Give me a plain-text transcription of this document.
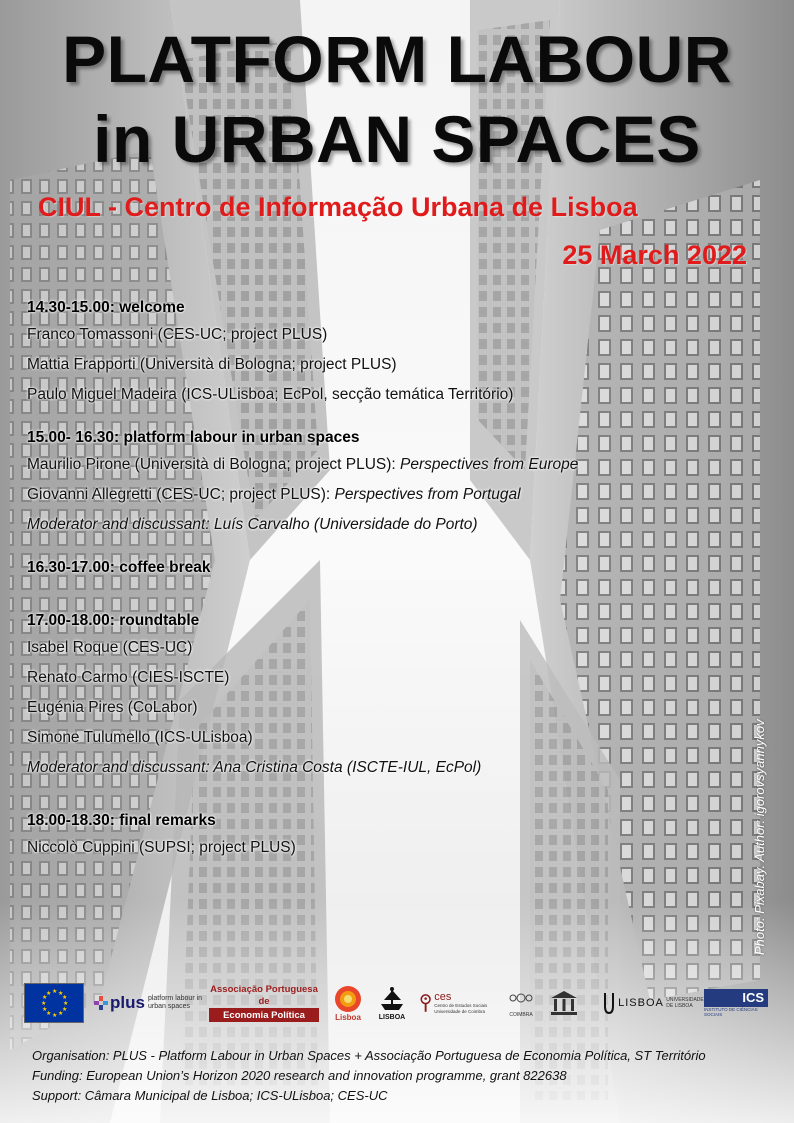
PLATFORM LABOUR
in URBAN SPACES
CIUL - Centro de Informação Urbana de Lisboa
25 March 2022
14.30-15.00: welcome
Franco Tomassoni (CES-UC; project PLUS)
Mattia Frapporti (Università di Bologna; project PLUS)
Paulo Miguel Madeira (ICS-ULisboa; EcPol, secção temática Território)
15.00- 16.30: platform labour in urban spaces
Maurilio Pirone (Università di Bologna; project PLUS): Perspectives from Europe
Giovanni Allegretti (CES-UC; project PLUS): Perspectives from Portugal
Moderator and discussant: Luís Carvalho (Universidade do Porto)
16.30-17.00: coffee break
17.00-18.00: roundtable
Isabel Roque (CES-UC)
Renato Carmo (CIES-ISCTE)
Eugénia Pires (CoLabor)
Simone Tulumello (ICS-ULisboa)
Moderator and discussant: Ana Cristina Costa (ISCTE-IUL, EcPol)
18.00-18.30: final remarks
Niccolò Cuppini (SUPSI; project PLUS)	Photo: Pixabay. Author: igorovsyannykov
★ ★
★
★
★
★
★
★
★
★
★
★	plus platform labour in urban spaces
Associação Portuguesa de
Economia Política	Lisboa	LISBOA
ces
Centro de Estudos Sociais Universidade de Coimbra
COIMBRA
LISBOA UNIVERSIDADE DE LISBOA
ICS
INSTITUTO DE CIÊNCIAS SOCIAIS
Organisation: PLUS - Platform Labour in Urban Spaces + Associação Portuguesa de Economia Política, ST Território
Funding: European Union’s Horizon 2020 research and innovation programme, grant 822638
Support: Câmara Municipal de Lisboa; ICS-ULisboa; CES-UC
